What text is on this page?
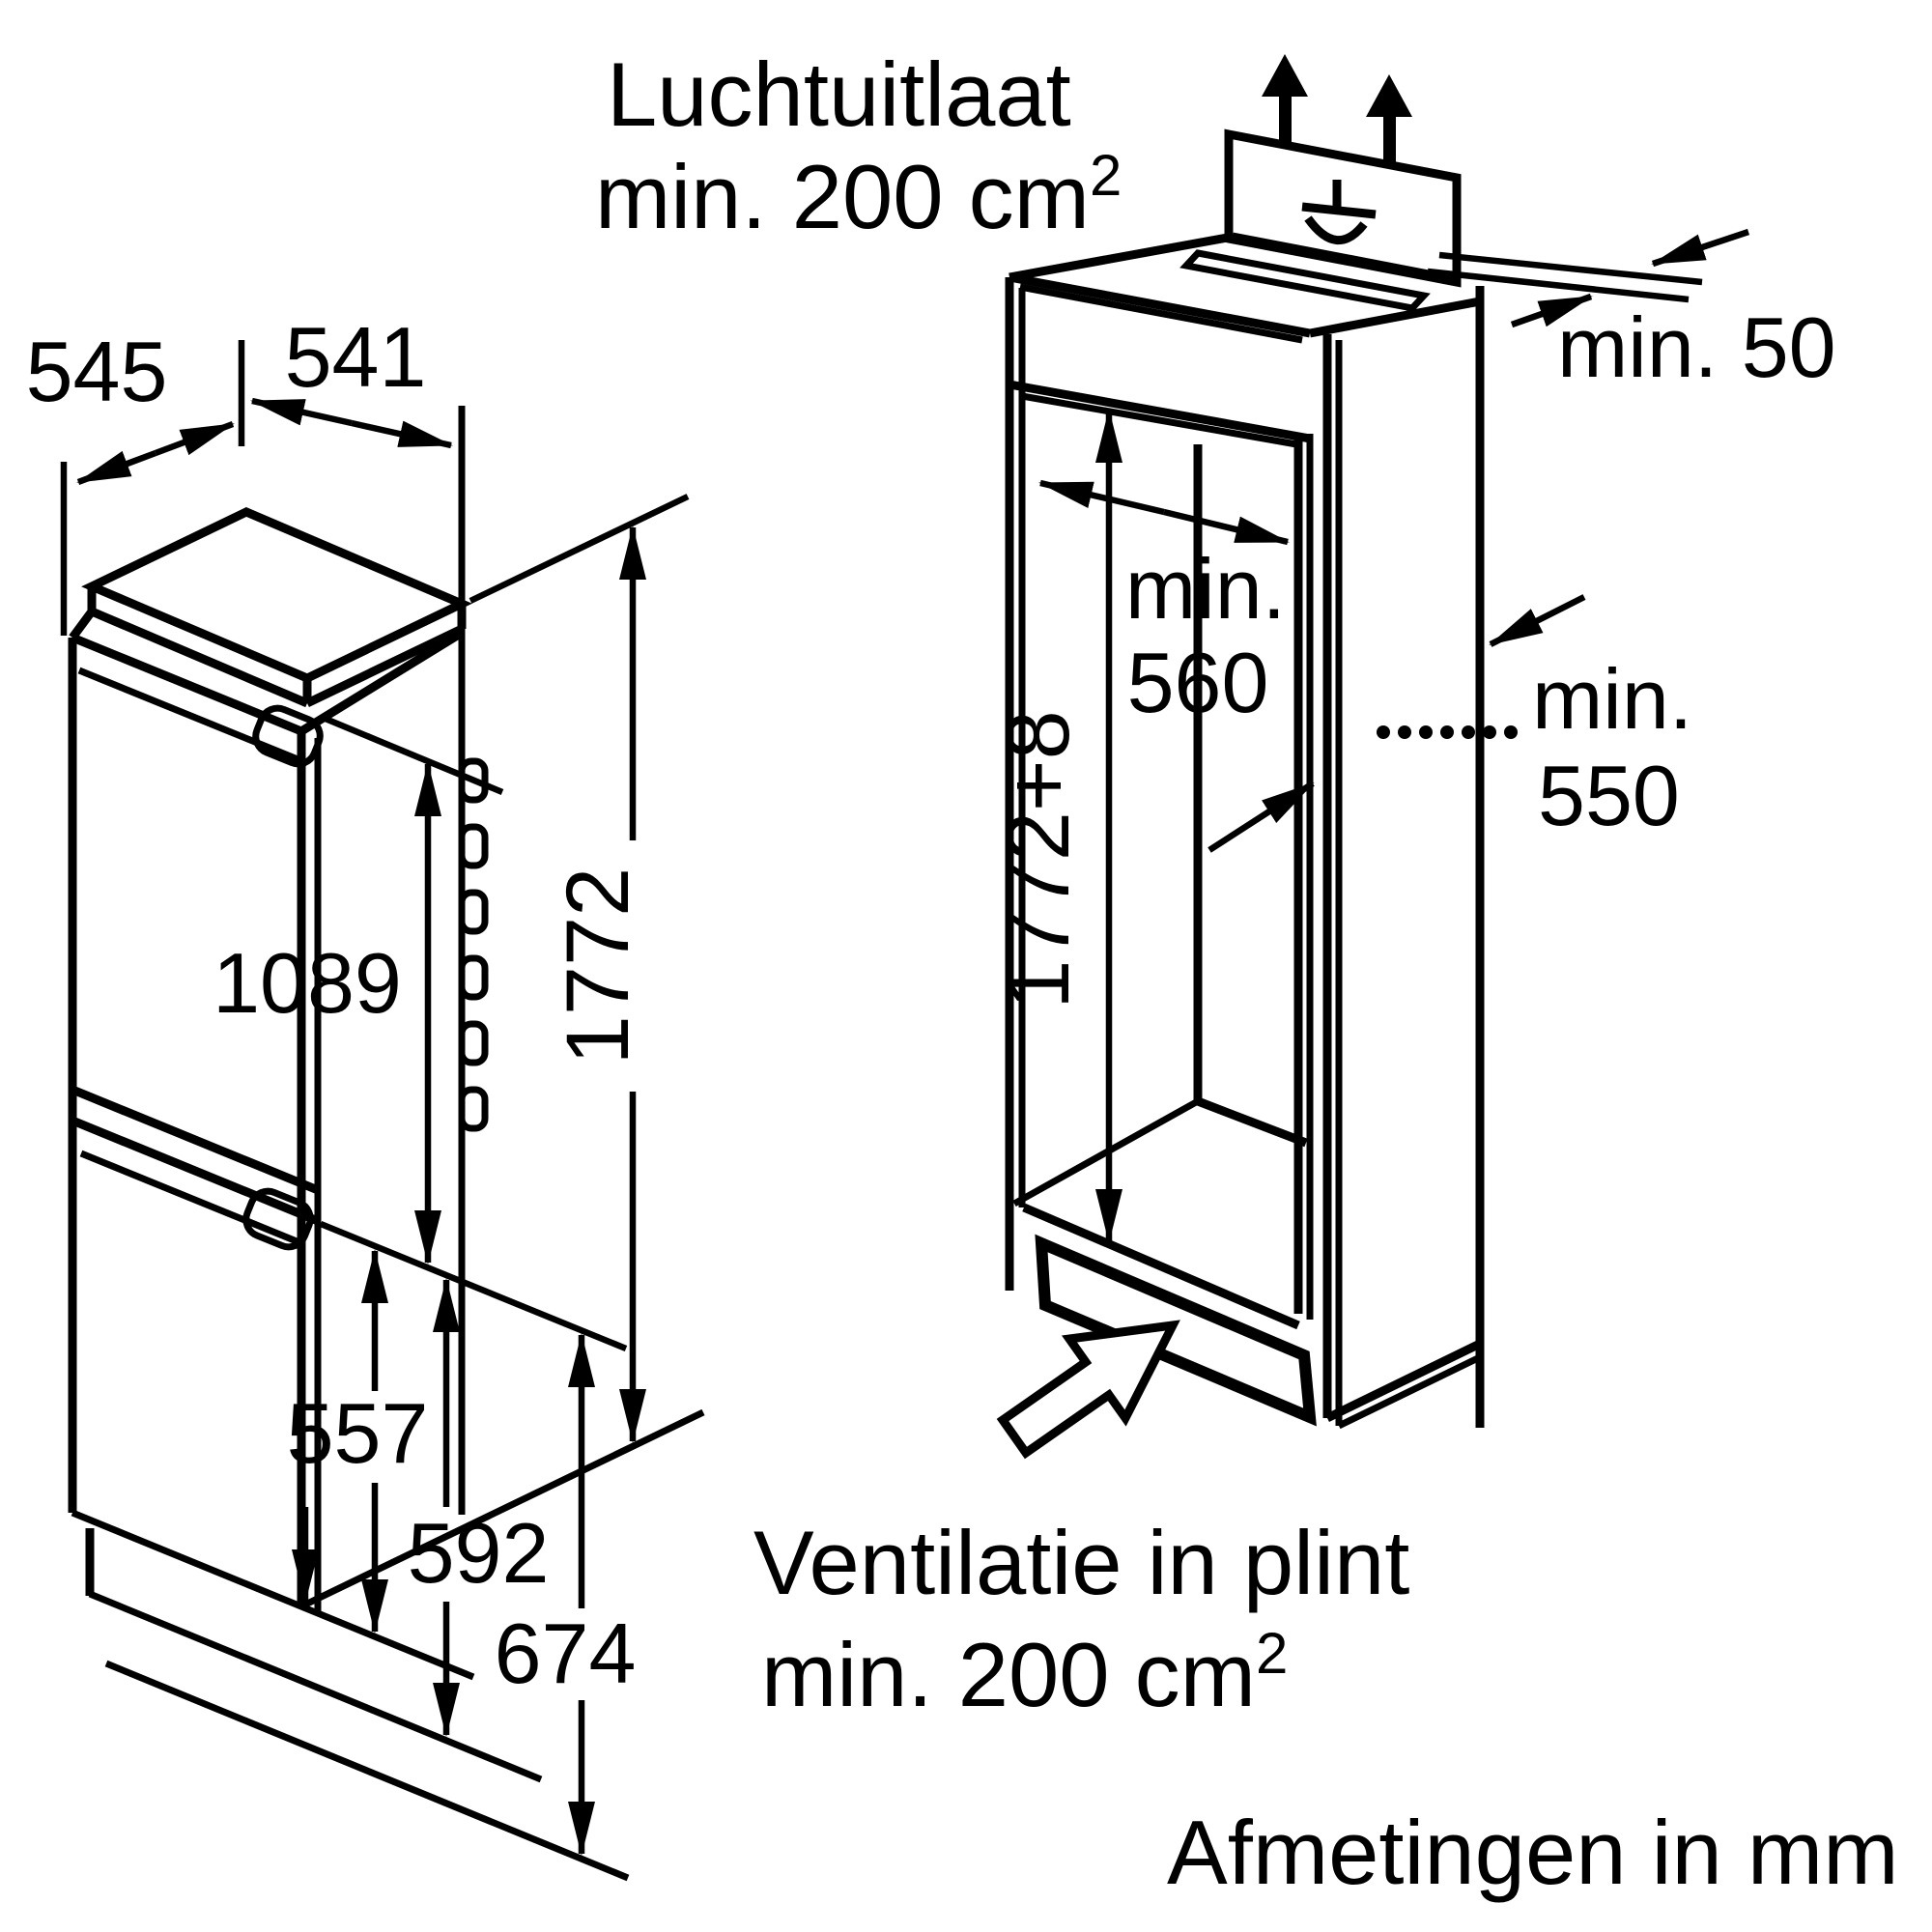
545 541
1089 1772
557
592
674
min.
560
1772+8
min. 50
min.
550
Luchtuitlaat
min. 200 $cm^2$
Ventilatie in plint
min. 200 $cm^2$
Afmetingen in mm
